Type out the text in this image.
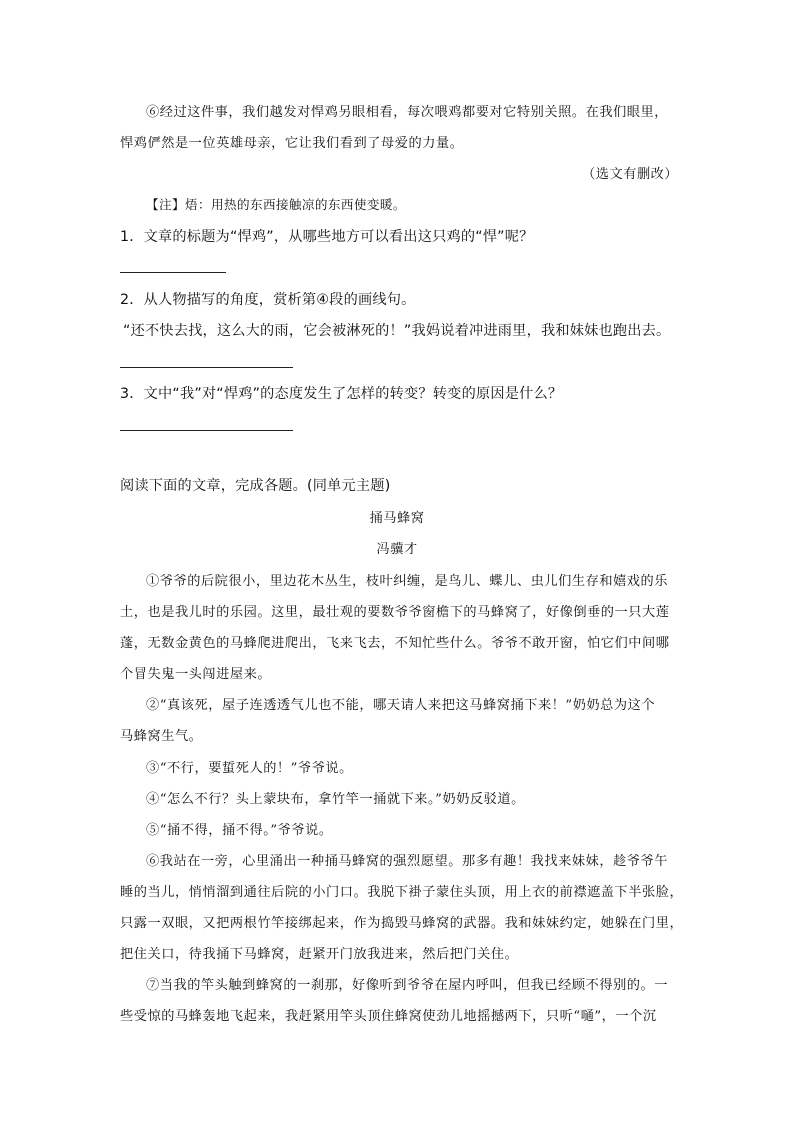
⑥经过这件事，我们越发对悍鸡另眼相看，每次喂鸡都要对它特别关照。在我们眼里，
悍鸡俨然是一位英雄母亲，它让我们看到了母爱的力量。
（选文有删改）
【注】焐：用热的东西接触凉的东西使变暖。
1．文章的标题为“悍鸡”，从哪些地方可以看出这只鸡的“悍”呢？
2．从人物描写的角度，赏析第④段的画线句。
“还不快去找，这么大的雨，它会被淋死的！”我妈说着冲进雨里，我和妹妹也跑出去。
3．文中“我”对“悍鸡”的态度发生了怎样的转变？转变的原因是什么？
阅读下面的文章，完成各题。(同单元主题)
捅马蜂窝
冯骥才
①爷爷的后院很小，里边花木丛生，枝叶纠缠，是鸟儿、蝶儿、虫儿们生存和嬉戏的乐
土，也是我儿时的乐园。这里，最壮观的要数爷爷窗檐下的马蜂窝了，好像倒垂的一只大莲
蓬，无数金黄色的马蜂爬进爬出，飞来飞去，不知忙些什么。爷爷不敢开窗，怕它们中间哪
个冒失鬼一头闯进屋来。
②“真该死，屋子连透透气儿也不能，哪天请人来把这马蜂窝捅下来！”奶奶总为这个
马蜂窝生气。
③“不行，要蜇死人的！”爷爷说。
④“怎么不行？头上蒙块布，拿竹竿一捅就下来。”奶奶反驳道。
⑤“捅不得，捅不得。”爷爷说。
⑥我站在一旁，心里涌出一种捅马蜂窝的强烈愿望。那多有趣！我找来妹妹，趁爷爷午
睡的当儿，悄悄溜到通往后院的小门口。我脱下褂子蒙住头顶，用上衣的前襟遮盖下半张脸，
只露一双眼，又把两根竹竿接绑起来，作为捣毁马蜂窝的武器。我和妹妹约定，她躲在门里，
把住关口，待我捅下马蜂窝，赶紧开门放我进来，然后把门关住。
⑦当我的竿头触到蜂窝的一刹那，好像听到爷爷在屋内呼叫，但我已经顾不得别的。一
些受惊的马蜂轰地飞起来，我赶紧用竿头顶住蜂窝使劲儿地摇撼两下，只听“嗵”，一个沉
